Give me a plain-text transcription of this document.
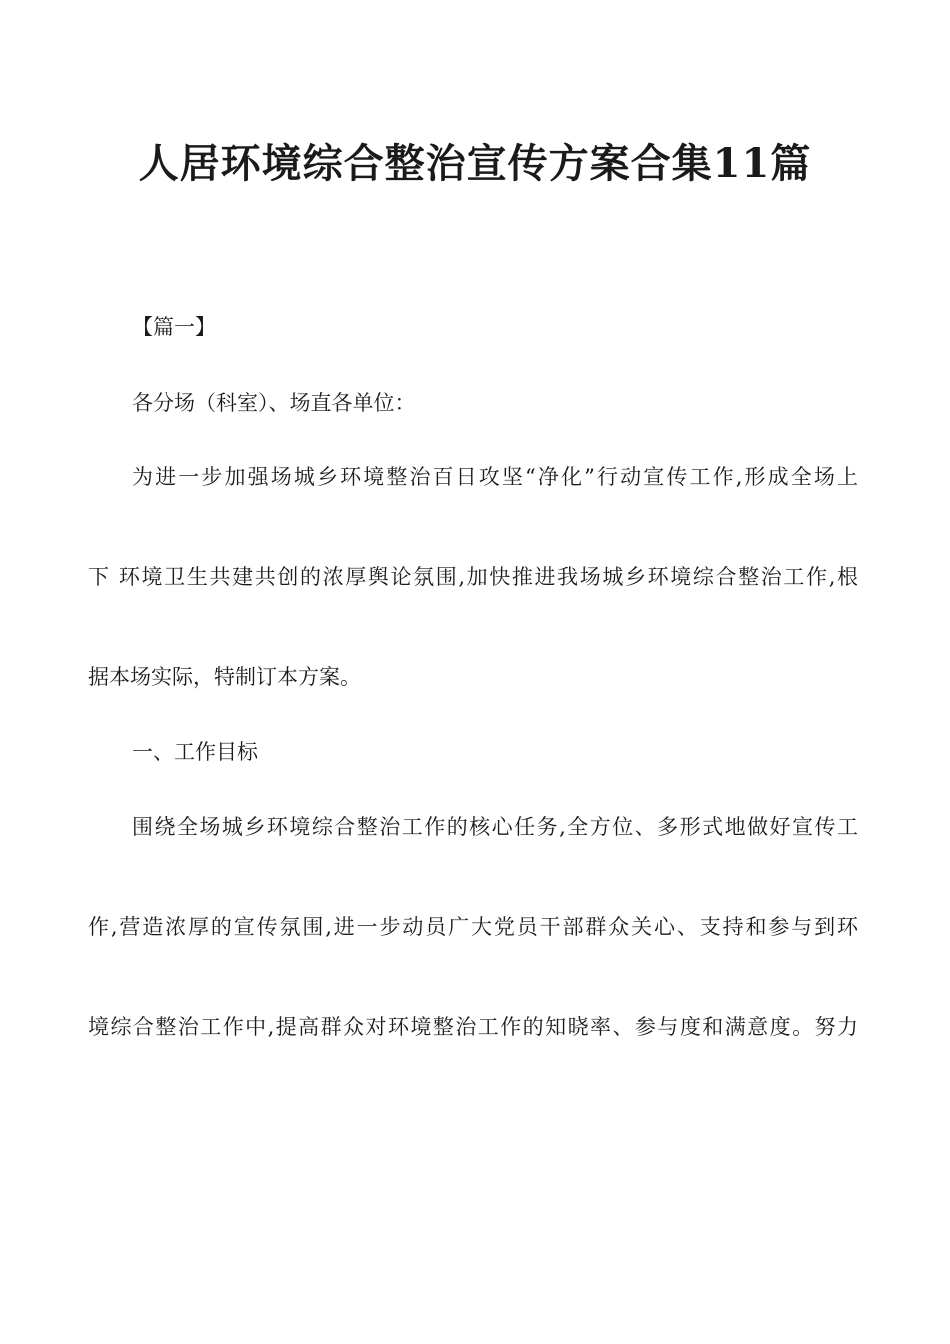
人居环境综合整治宣传方案合集11篇
【篇一】
各分场（科室）、场直各单位：
为进一步加强场城乡环境整治百日攻坚“净化”行动宣传工作,形成全场上
下 环境卫生共建共创的浓厚舆论氛围,加快推进我场城乡环境综合整治工作,根
据本场实际，特制订本方案。
一、工作目标
围绕全场城乡环境综合整治工作的核心任务,全方位、多形式地做好宣传工
作,营造浓厚的宣传氛围,进一步动员广大党员干部群众关心、支持和参与到环
境综合整治工作中,提高群众对环境整治工作的知晓率、参与度和满意度。努力
